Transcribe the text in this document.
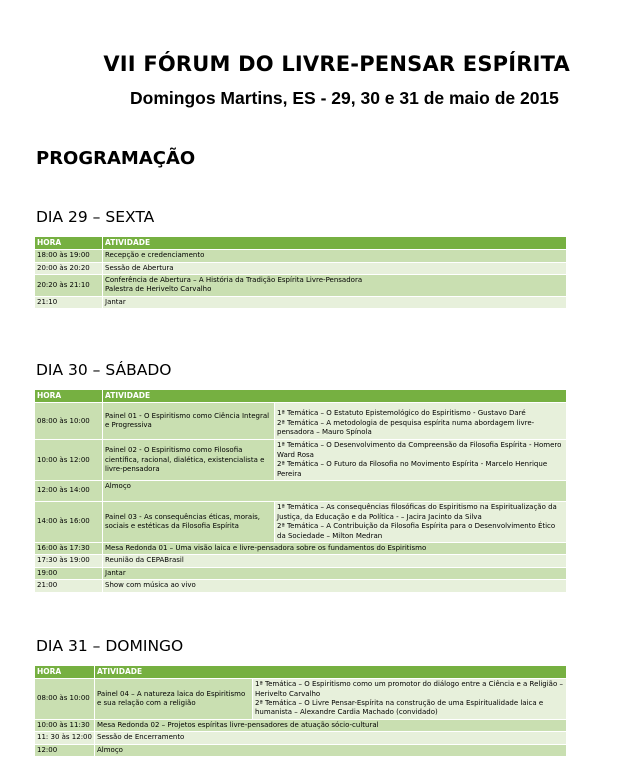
VII FÓRUM DO LIVRE-PENSAR ESPÍRITA
Domingos Martins, ES - 29, 30 e 31 de maio de 2015
PROGRAMAÇÃO
DIA 29 – SEXTA
HORA	ATIVIDADE
18:00 às 19:00	Recepção e credenciamento
20:00 às 20:20	Sessão de Abertura
20:20 às 21:10	Conferência de Abertura – A História da Tradição Espírita Livre-Pensadora
Palestra de Herivelto Carvalho

21:10	Jantar
DIA 30 – SÁBADO
HORA	ATIVIDADE	
08:00 às 10:00	Painel 01 - O Espiritismo como Ciência Integral e Progressiva	1ª Temática – O Estatuto Epistemológico do Espiritismo - Gustavo Daré
2ª Temática – A metodologia de pesquisa espírita numa abordagem livre-pensadora – Mauro Spínola

10:00 às 12:00	Painel 02 - O Espiritismo como Filosofia científica, racional, dialética, existencialista e livre-pensadora	1ª Temática – O Desenvolvimento da Compreensão da Filosofia Espírita - Homero Ward Rosa
2ª Temática – O Futuro da Filosofia no Movimento Espírita - Marcelo Henrique Pereira

12:00 às 14:00	Almoço	
14:00 às 16:00	Painel 03 - As consequências éticas, morais, sociais e estéticas da Filosofia Espírita	1ª Temática – As consequências filosóficas do Espiritismo na Espiritualização da Justiça, da Educação e da Política - – Jacira Jacinto da Silva
2ª Temática – A Contribuição da Filosofia Espírita para o Desenvolvimento Ético da Sociedade – Milton Medran

16:00 às 17:30	Mesa Redonda 01 – Uma visão laica e livre-pensadora sobre os fundamentos do Espiritismo	
17:30 às 19:00	Reunião da CEPABrasil	
19:00	Jantar	
21:00	Show com música ao vivo	
DIA 31 – DOMINGO
HORA	ATIVIDADE	
08:00 às 10:00	Painel 04 – A natureza laica do Espiritismo e sua relação com a religião	1ª Temática – O Espiritismo como um promotor do diálogo entre a Ciência e a Religião – Herivelto Carvalho
2ª Temática – O Livre Pensar-Espírita na construção de uma Espiritualidade laica e humanista – Alexandre Cardia Machado (convidado)

10:00 às 11:30	Mesa Redonda 02 – Projetos espíritas livre-pensadores de atuação sócio-cultural	
11: 30 às 12:00	Sessão de Encerramento	
12:00	Almoço	
